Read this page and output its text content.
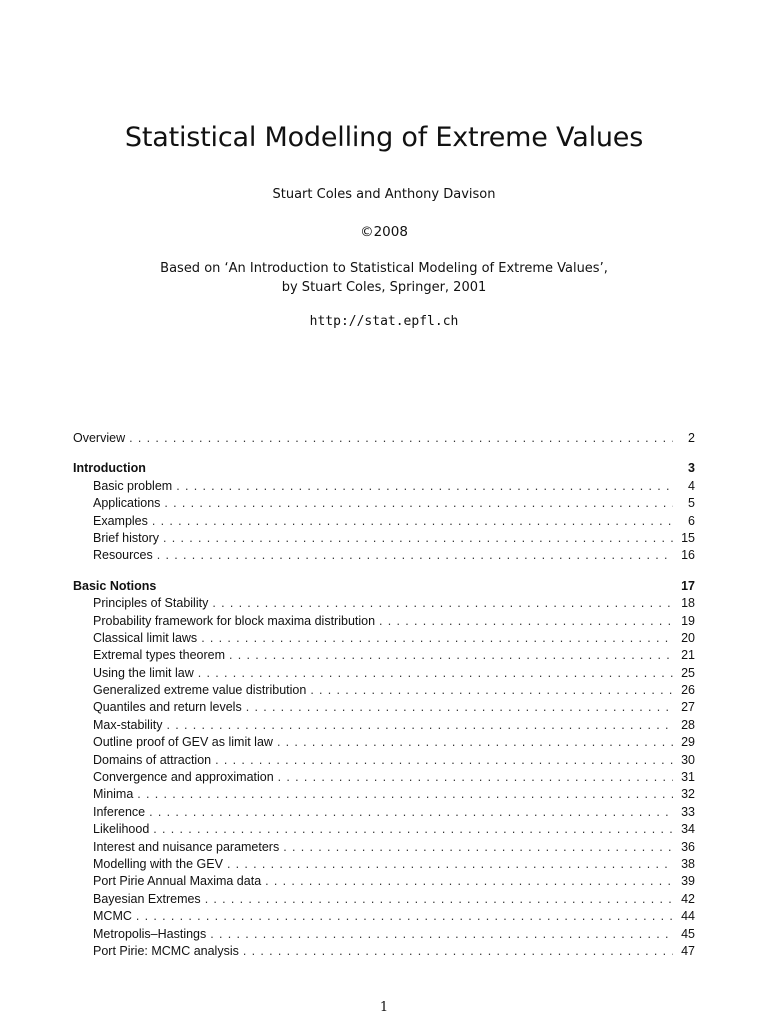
Statistical Modelling of Extreme Values
Stuart Coles and Anthony Davison
©2008
Based on ‘An Introduction to Statistical Modeling of Extreme Values’,
by Stuart Coles, Springer, 2001
http://stat.epfl.ch
Overview . . .	2
Introduction	3
Basic problem . . .	4
Applications . . .	5
Examples . . .	6
Brief history . . .	15
Resources . . .	16
Basic Notions	17
Principles of Stability . . .	18
Probability framework for block maxima distribution . . .	19
Classical limit laws . . .	20
Extremal types theorem . . .	21
Using the limit law . . .	25
Generalized extreme value distribution . . .	26
Quantiles and return levels . . .	27
Max-stability . . .	28
Outline proof of GEV as limit law . . .	29
Domains of attraction . . .	30
Convergence and approximation . . .	31
Minima . . .	32
Inference . . .	33
Likelihood . . .	34
Interest and nuisance parameters . . .	36
Modelling with the GEV . . .	38
Port Pirie Annual Maxima data . . .	39
Bayesian Extremes . . .	42
MCMC . . .	44
Metropolis–Hastings . . .	45
Port Pirie: MCMC analysis . . .	47
1
